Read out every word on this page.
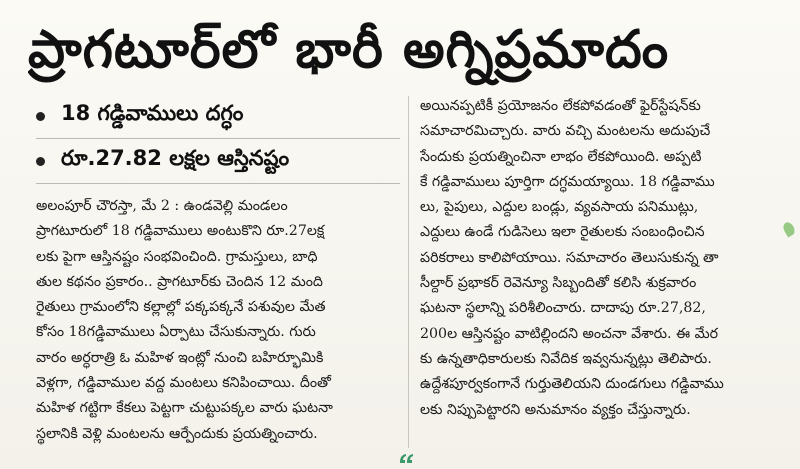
ప్రాగటూర్‌లో భారీ అగ్నిప్రమాదం
18 గడ్డివాములు దగ్ధం
రూ.27.82 లక్షల ఆస్తినష్టం
అలంపూర్ చౌరస్తా, మే 2 : ఉండవెల్లి మండలం
ప్రాగటూరులో 18 గడ్డివాములు అంటుకొని రూ.27లక్ష
లకు పైగా ఆస్తినష్టం సంభవించింది. గ్రామస్తులు, బాధి
తుల కథనం ప్రకారం.. ప్రాగటూర్‌కు చెందిన 12 మంది
రైతులు గ్రామంలోని కల్లాల్లో పక్కపక్కనే పశువుల మేత
కోసం 18గడ్డివాములు ఏర్పాటు చేసుకున్నారు. గురు
వారం అర్ధరాత్రి ఓ మహిళ ఇంట్లో నుంచి బహిర్భూమికి
వెళ్లగా, గడ్డివాముల వద్ద మంటలు కనిపించాయి. దీంతో
మహిళ గట్టిగా కేకలు పెట్టగా చుట్టుపక్కల వారు ఘటనా
స్థలానికి వెళ్లి మంటలను ఆర్పేందుకు ప్రయత్నించారు.
అయినప్పటికీ ప్రయోజనం లేకపోవడంతో ఫైర్‌స్టేషన్‌కు
సమాచారమిచ్చారు. వారు వచ్చి మంటలను అదుపుచే
సేందుకు ప్రయత్నించినా లాభం లేకపోయింది. అప్పటి
కే గడ్డివాములు పూర్తిగా దగ్ధమయ్యాయి. 18 గడ్డివాము
లు, పైపులు, ఎద్దుల బండ్లు, వ్యవసాయ పనిముట్లు,
ఎద్దులు ఉండే గుడిసెలు ఇలా రైతులకు సంబంధించిన
పరికరాలు కాలిపోయాయి. సమాచారం తెలుసుకున్న తా
సీల్దార్ ప్రభాకర్ రెవెన్యూ సిబ్బందితో కలిసి శుక్రవారం
ఘటనా స్థలాన్ని పరిశీలించారు. దాదాపు రూ.27,82,
200ల ఆస్తినష్టం వాటిల్లిందని అంచనా వేశారు. ఈ మేర
కు ఉన్నతాధికారులకు నివేదిక ఇవ్వనున్నట్లు తెలిపారు.
ఉద్దేశపూర్వకంగానే గుర్తుతెలియని దుండగులు గడ్డివాము
లకు నిప్పుపెట్టారని అనుమానం వ్యక్తం చేస్తున్నారు.
